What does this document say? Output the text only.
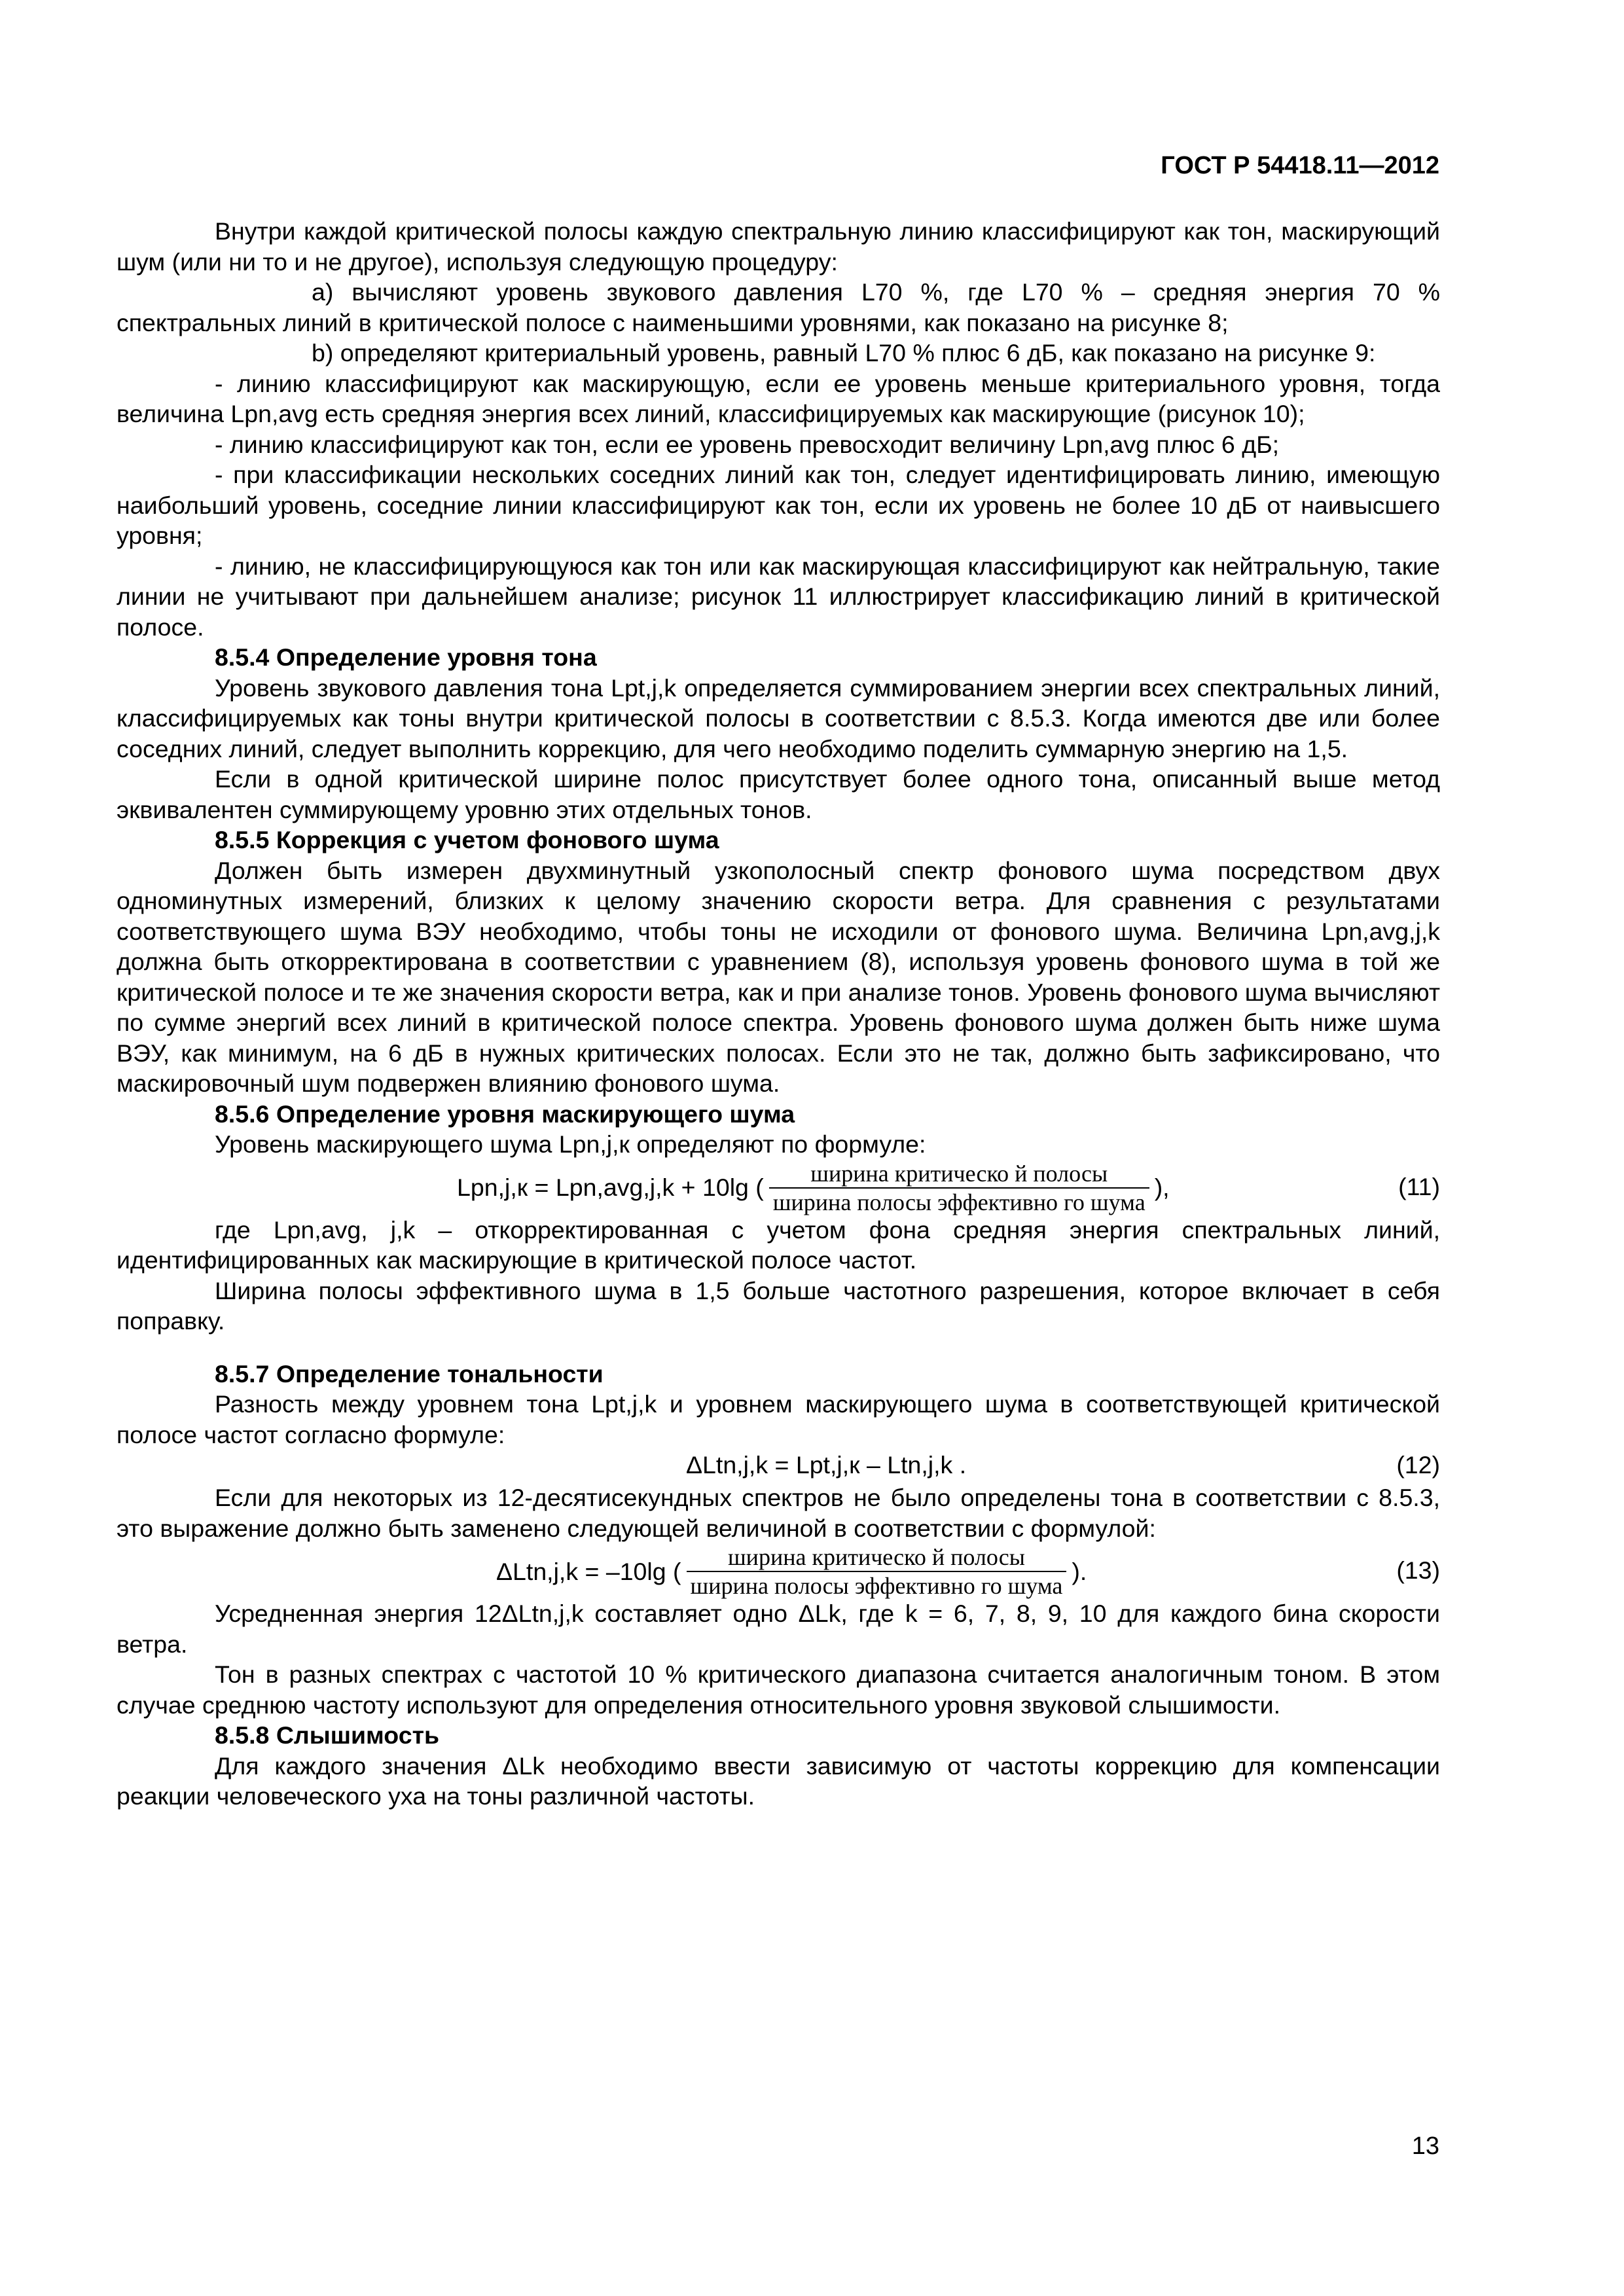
ГОСТ Р 54418.11—2012

Внутри каждой критической полосы каждую спектральную линию классифицируют как тон, маскирующий шум (или ни то и не другое), используя следующую процедуру:

а) вычисляют уровень звукового давления L70 %, где L70 % – средняя энергия 70 % спектральных линий в критической полосе с наименьшими уровнями, как показано на рисунке 8;

b) определяют критериальный уровень, равный L70 % плюс 6 дБ, как показано на рисунке 9:

- линию классифицируют как маскирующую, если ее уровень меньше критериального уровня, тогда величина Lpn,avg есть средняя энергия всех линий, классифицируемых как маскирующие (рисунок 10);

- линию классифицируют как тон, если ее уровень превосходит величину Lpn,avg плюс 6 дБ;

- при классификации нескольких соседних линий как тон, следует идентифицировать линию, имеющую наибольший уровень, соседние линии классифицируют как тон, если их уровень не более 10 дБ от наивысшего уровня;

- линию, не классифицирующуюся как тон или как маскирующая классифицируют как нейтральную, такие линии не учитывают при дальнейшем анализе; рисунок 11 иллюстрирует классификацию линий в критической полосе.

8.5.4 Определение уровня тона

Уровень звукового давления тона Lpt,j,k определяется суммированием энергии всех спектральных линий, классифицируемых как тоны внутри критической полосы в соответствии с 8.5.3. Когда имеются две или более соседних линий, следует выполнить коррекцию, для чего необходимо поделить суммарную энергию на 1,5.

Если в одной критической ширине полос присутствует более одного тона, описанный выше метод эквивалентен суммирующему уровню этих отдельных тонов.

8.5.5 Коррекция с учетом фонового шума

Должен быть измерен двухминутный узкополосный спектр фонового шума посредством двух одноминутных измерений, близких к целому значению скорости ветра. Для сравнения с результатами соответствующего шума ВЭУ необходимо, чтобы тоны не исходили от фонового шума. Величина Lpn,avg,j,k должна быть откорректирована в соответствии с уравнением (8), используя уровень фонового шума в той же критической полосе и те же значения скорости ветра, как и при анализе тонов. Уровень фонового шума вычисляют по сумме энергий всех линий в критической полосе спектра. Уровень фонового шума должен быть ниже шума ВЭУ, как минимум, на 6 дБ в нужных критических полосах. Если это не так, должно быть зафиксировано, что маскировочный шум подвержен влиянию фонового шума.

8.5.6 Определение уровня маскирующего шума

Уровень маскирующего шума Lpn,j,к определяют по формуле:

Lpn,j,к = Lpn,avg,j,k + 10lg ( $\frac{\text{ширина критическо й полосы}}{\text{ширина полосы эффективно го шума}}$ ),	(11)

где Lpn,avg, j,k – откорректированная с учетом фона средняя энергия спектральных линий, идентифицированных как маскирующие в критической полосе частот.

Ширина полосы эффективного шума в 1,5 больше частотного разрешения, которое включает в себя поправку.

8.5.7 Определение тональности

Разность между уровнем тона Lpt,j,k и уровнем маскирующего шума в соответствующей критической полосе частот согласно формуле:

ΔLtn,j,k = Lpt,j,к – Ltn,j,k .	(12)

Если для некоторых из 12-десятисекундных спектров не было определены тона в соответствии с 8.5.3, это выражение должно быть заменено следующей величиной в соответствии с формулой:

ΔLtn,j,k = –10lg ( $\frac{\text{ширина критическо й полосы}}{\text{ширина полосы эффективно го шума}}$ ).	(13)

Усредненная энергия 12ΔLtn,j,k составляет одно ΔLk, где k = 6, 7, 8, 9, 10 для каждого бина скорости ветра.

Тон в разных спектрах с частотой 10 % критического диапазона считается аналогичным тоном. В этом случае среднюю частоту используют для определения относительного уровня звуковой слышимости.

8.5.8 Слышимость

Для каждого значения ΔLk необходимо ввести зависимую от частоты коррекцию для компенсации реакции человеческого уха на тоны различной частоты.

13
